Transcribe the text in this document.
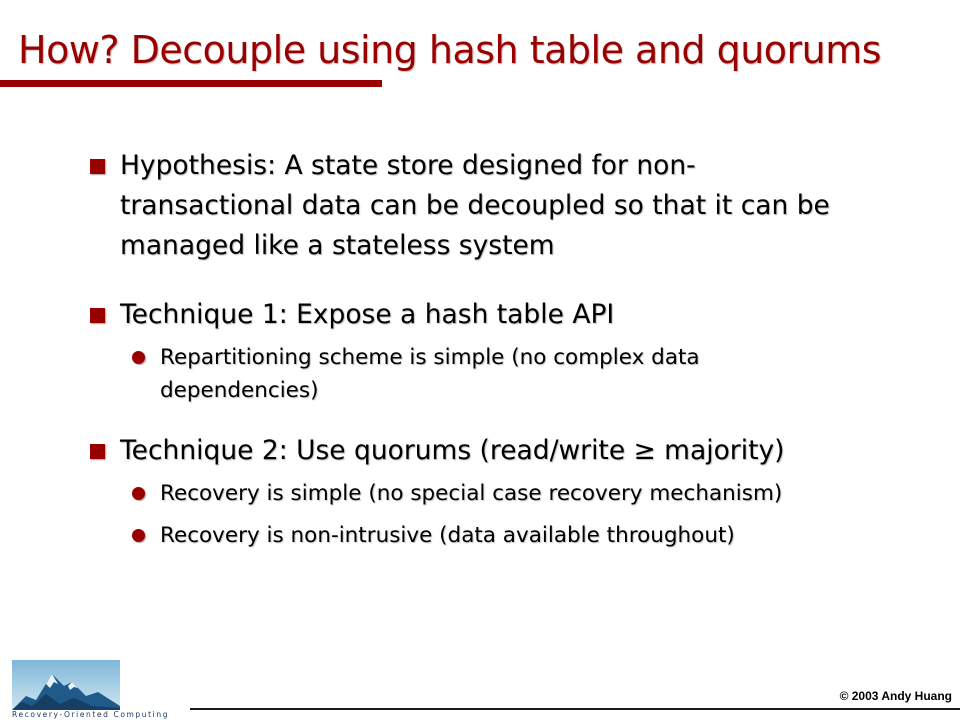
How? Decouple using hash table and quorums
Hypothesis: A state store designed for non-
transactional data can be decoupled so that it can be
managed like a stateless system
Technique 1: Expose a hash table API
Repartitioning scheme is simple (no complex data
dependencies)
Technique 2: Use quorums (read/write ≥ majority)
Recovery is simple (no special case recovery mechanism)
Recovery is non-intrusive (data available throughout)
Recovery-Oriented Computing
© 2003 Andy Huang
